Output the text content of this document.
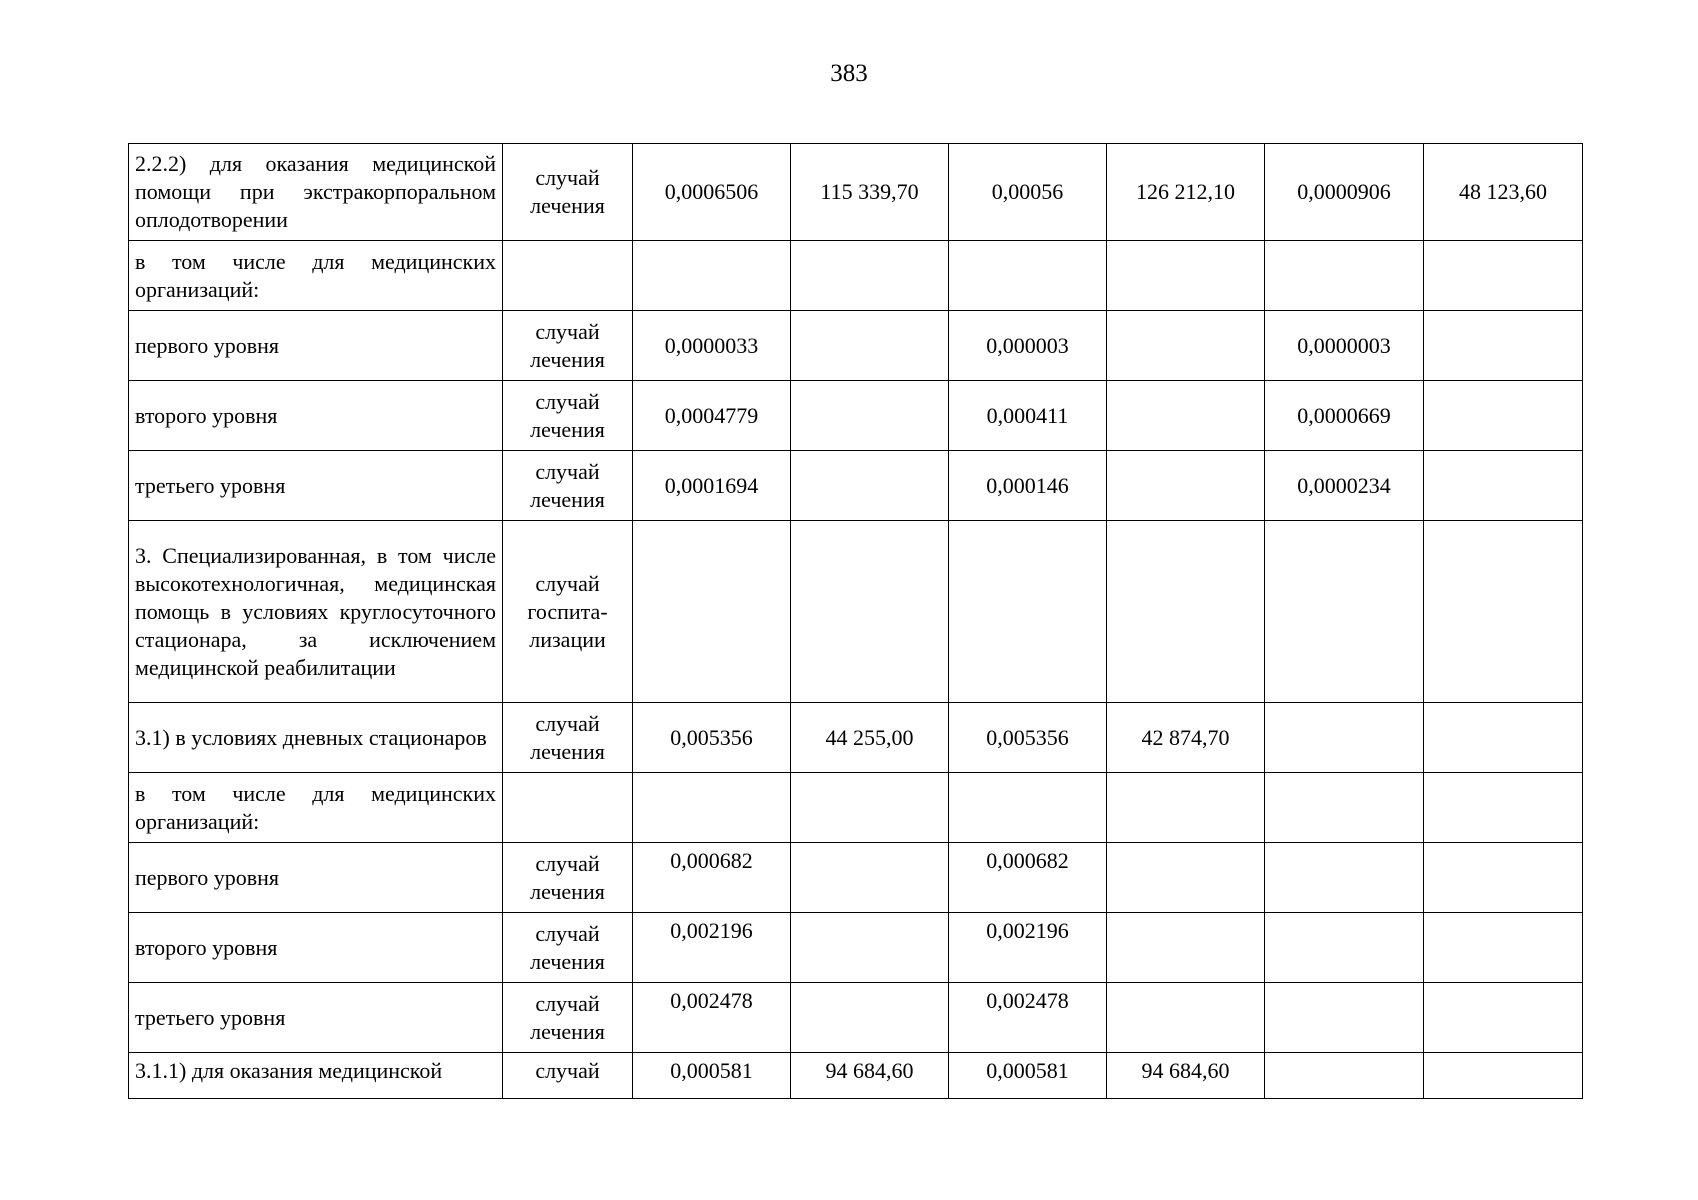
383
2.2.2) для оказания медицинской помощи при экстракорпоральном оплодотворении	случай лечения	0,0006506	115 339,70	0,00056	126 212,10	0,0000906	48 123,60
в том числе для медицинских организаций:							
первого уровня	случай лечения	0,0000033		0,000003		0,0000003	
второго уровня	случай лечения	0,0004779		0,000411		0,0000669	
третьего уровня	случай лечения	0,0001694		0,000146		0,0000234	
3. Специализированная, в том числе высокотехнологичная, медицинская помощь в условиях круглосуточного стационара, за исключением медицинской реабилитации	случай госпита-лизации						
3.1) в условиях дневных стационаров	случай лечения	0,005356	44 255,00	0,005356	42 874,70		
в том числе для медицинских организаций:							
первого уровня	случай лечения	0,000682		0,000682			
второго уровня	случай лечения	0,002196		0,002196			
третьего уровня	случай лечения	0,002478		0,002478			
3.1.1) для оказания медицинской	случай	0,000581	94 684,60	0,000581	94 684,60		
